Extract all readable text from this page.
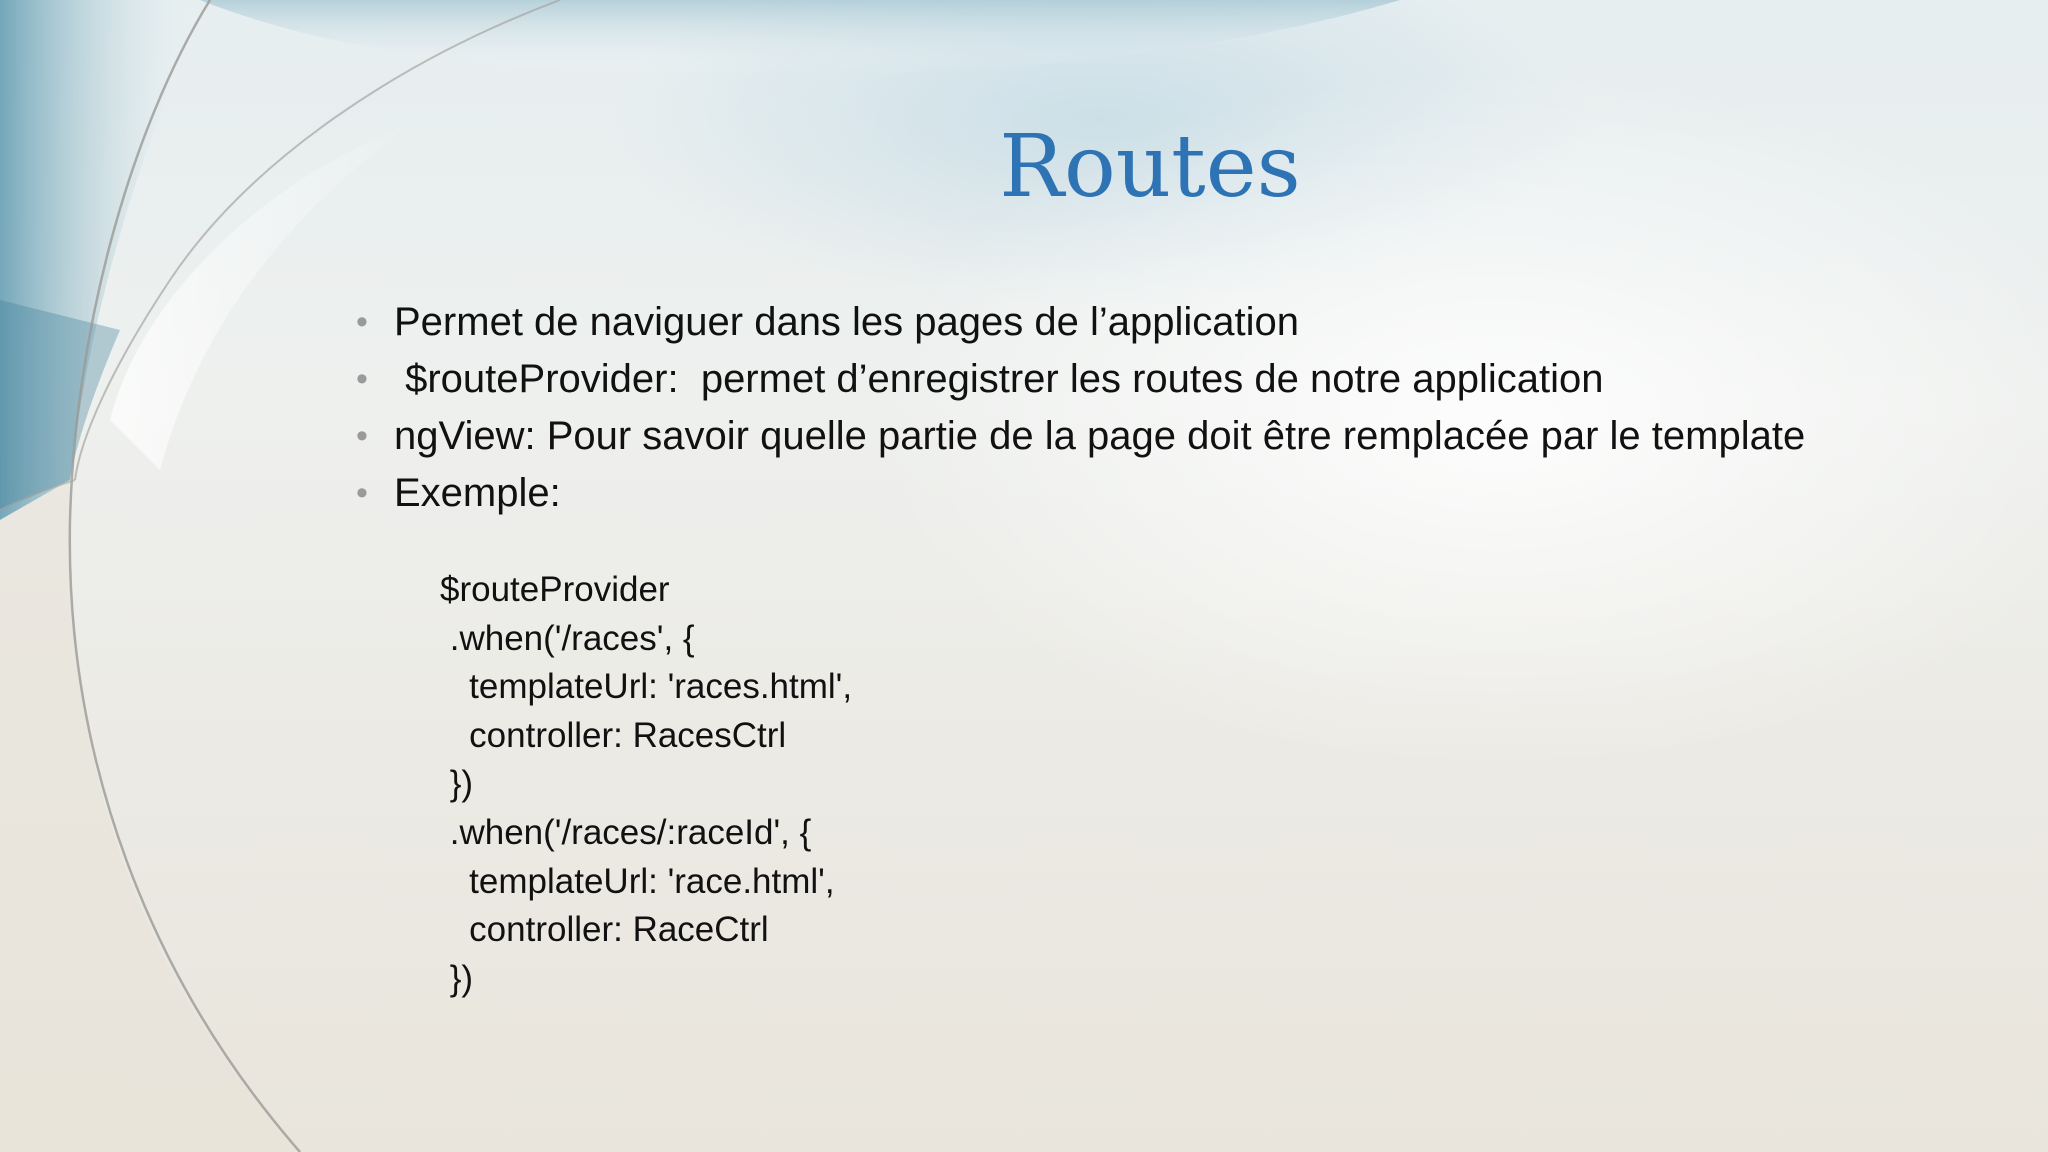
Routes
• Permet de naviguer dans les pages de l’application
• $routeProvider:  permet d’enregistrer les routes de notre application
• ngView: Pour savoir quelle partie de la page doit être remplacée par le template
• Exemple:
$routeProvider
.when('/races', {
templateUrl: 'races.html',
controller: RacesCtrl
})
.when('/races/:raceId', {
templateUrl: 'race.html',
controller: RaceCtrl
})
